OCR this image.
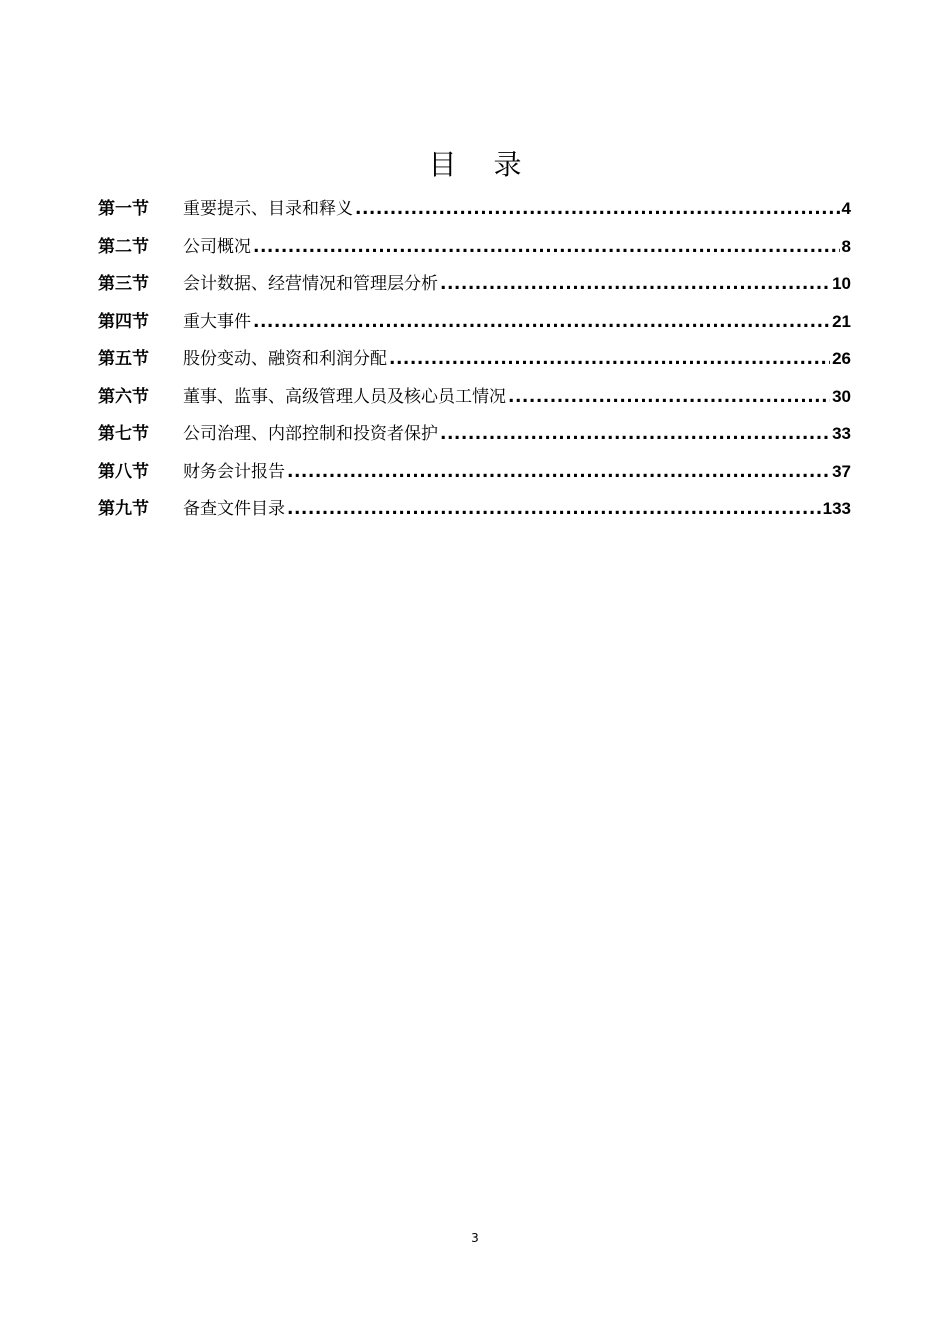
目 录
第一节	重要提示、目录和释义 .....	4
第二节	公司概况 .....	8
第三节	会计数据、经营情况和管理层分析 .....	10
第四节	重大事件 .....	21
第五节	股份变动、融资和利润分配 .....	26
第六节	董事、监事、高级管理人员及核心员工情况 .....	30
第七节	公司治理、内部控制和投资者保护 .....	33
第八节	财务会计报告 .....	37
第九节	备查文件目录 .....	133
3
